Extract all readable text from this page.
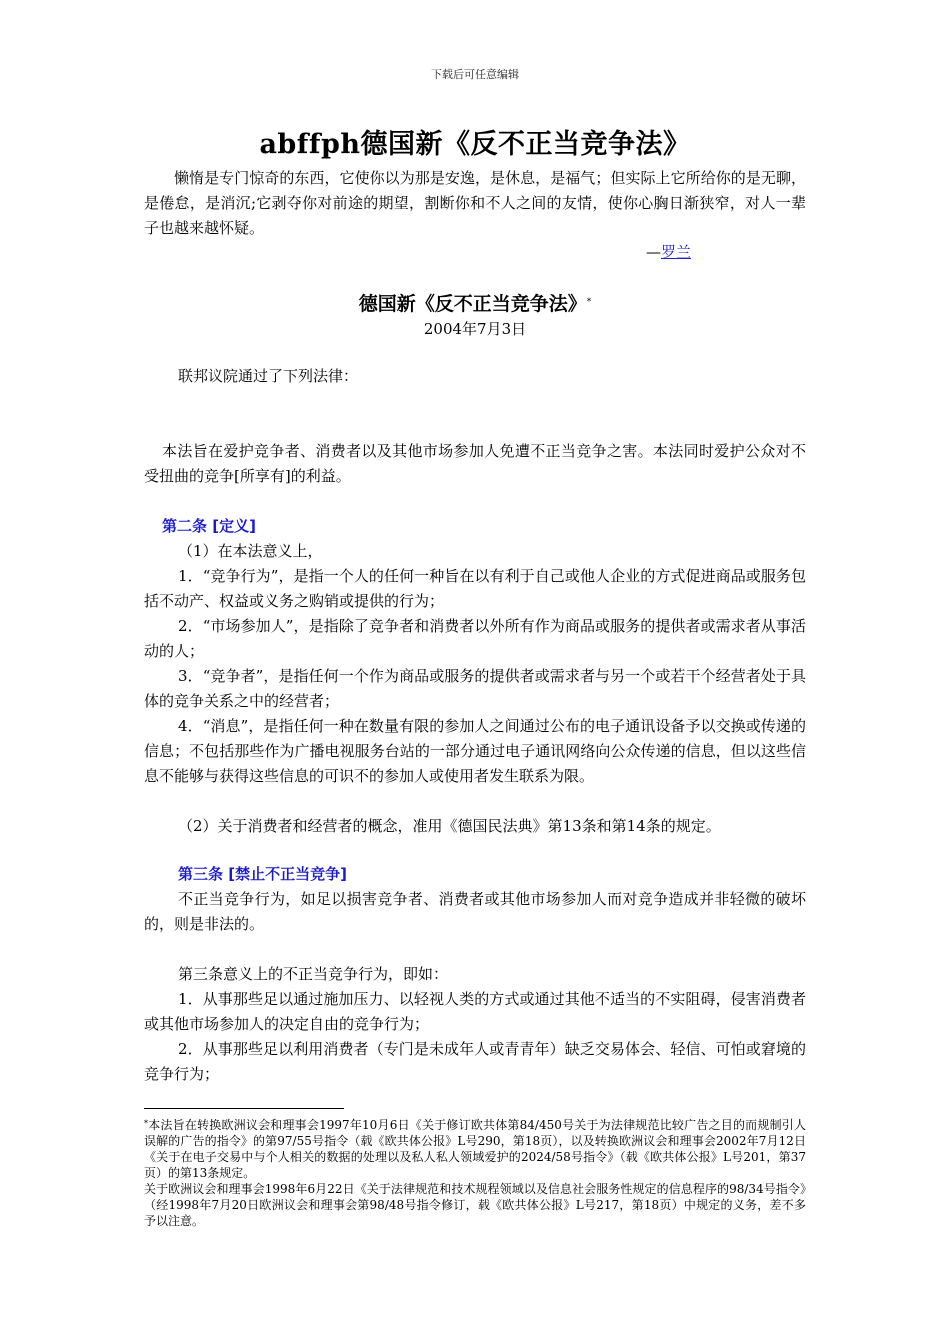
下载后可任意编辑
abffph德国新《反不正当竞争法》
懒惰是专门惊奇的东西，它使你以为那是安逸，是休息，是福气；但实际上它所给你的是无聊，是倦怠，是消沉;它剥夺你对前途的期望，割断你和不人之间的友情，使你心胸日渐狭窄，对人一辈子也越来越怀疑。
—罗兰
德国新《反不正当竞争法》*
2004年7月3日
联邦议院通过了下列法律：
本法旨在爱护竞争者、消费者以及其他市场参加人免遭不正当竞争之害。本法同时爱护公众对不受扭曲的竞争[所享有]的利益。
第二条 [定义]
（1）在本法意义上，
1．“竞争行为”，是指一个人的任何一种旨在以有利于自己或他人企业的方式促进商品或服务包括不动产、权益或义务之购销或提供的行为；
2．“市场参加人”，是指除了竞争者和消费者以外所有作为商品或服务的提供者或需求者从事活动的人；
3．“竞争者”，是指任何一个作为商品或服务的提供者或需求者与另一个或若干个经营者处于具体的竞争关系之中的经营者；
4．“消息”，是指任何一种在数量有限的参加人之间通过公布的电子通讯设备予以交换或传递的信息；不包括那些作为广播电视服务台站的一部分通过电子通讯网络向公众传递的信息，但以这些信息不能够与获得这些信息的可识不的参加人或使用者发生联系为限。
（2）关于消费者和经营者的概念，准用《德国民法典》第13条和第14条的规定。
第三条 [禁止不正当竞争]
不正当竞争行为，如足以损害竞争者、消费者或其他市场参加人而对竞争造成并非轻微的破坏的，则是非法的。
第三条意义上的不正当竞争行为，即如：
1．从事那些足以通过施加压力、以轻视人类的方式或通过其他不适当的不实阻碍，侵害消费者或其他市场参加人的决定自由的竞争行为；
2．从事那些足以利用消费者（专门是未成年人或青青年）缺乏交易体会、轻信、可怕或窘境的竞争行为；
*本法旨在转换欧洲议会和理事会1997年10月6日《关于修订欧共体第84/450号关于为法律规范比较广告之目的而规制引人误解的广告的指令》的第97/55号指令（载《欧共体公报》L号290，第18页），以及转换欧洲议会和理事会2002年7月12日《关于在电子交易中与个人相关的数据的处理以及私人私人领域爱护的2024/58号指令》（载《欧共体公报》L号201，第37页）的第13条规定。
关于欧洲议会和理事会1998年6月22日《关于法律规范和技术规程领域以及信息社会服务性规定的信息程序的98/34号指令》（经1998年7月20日欧洲议会和理事会第98/48号指令修订，载《欧共体公报》L号217，第18页）中规定的义务，差不多予以注意。
